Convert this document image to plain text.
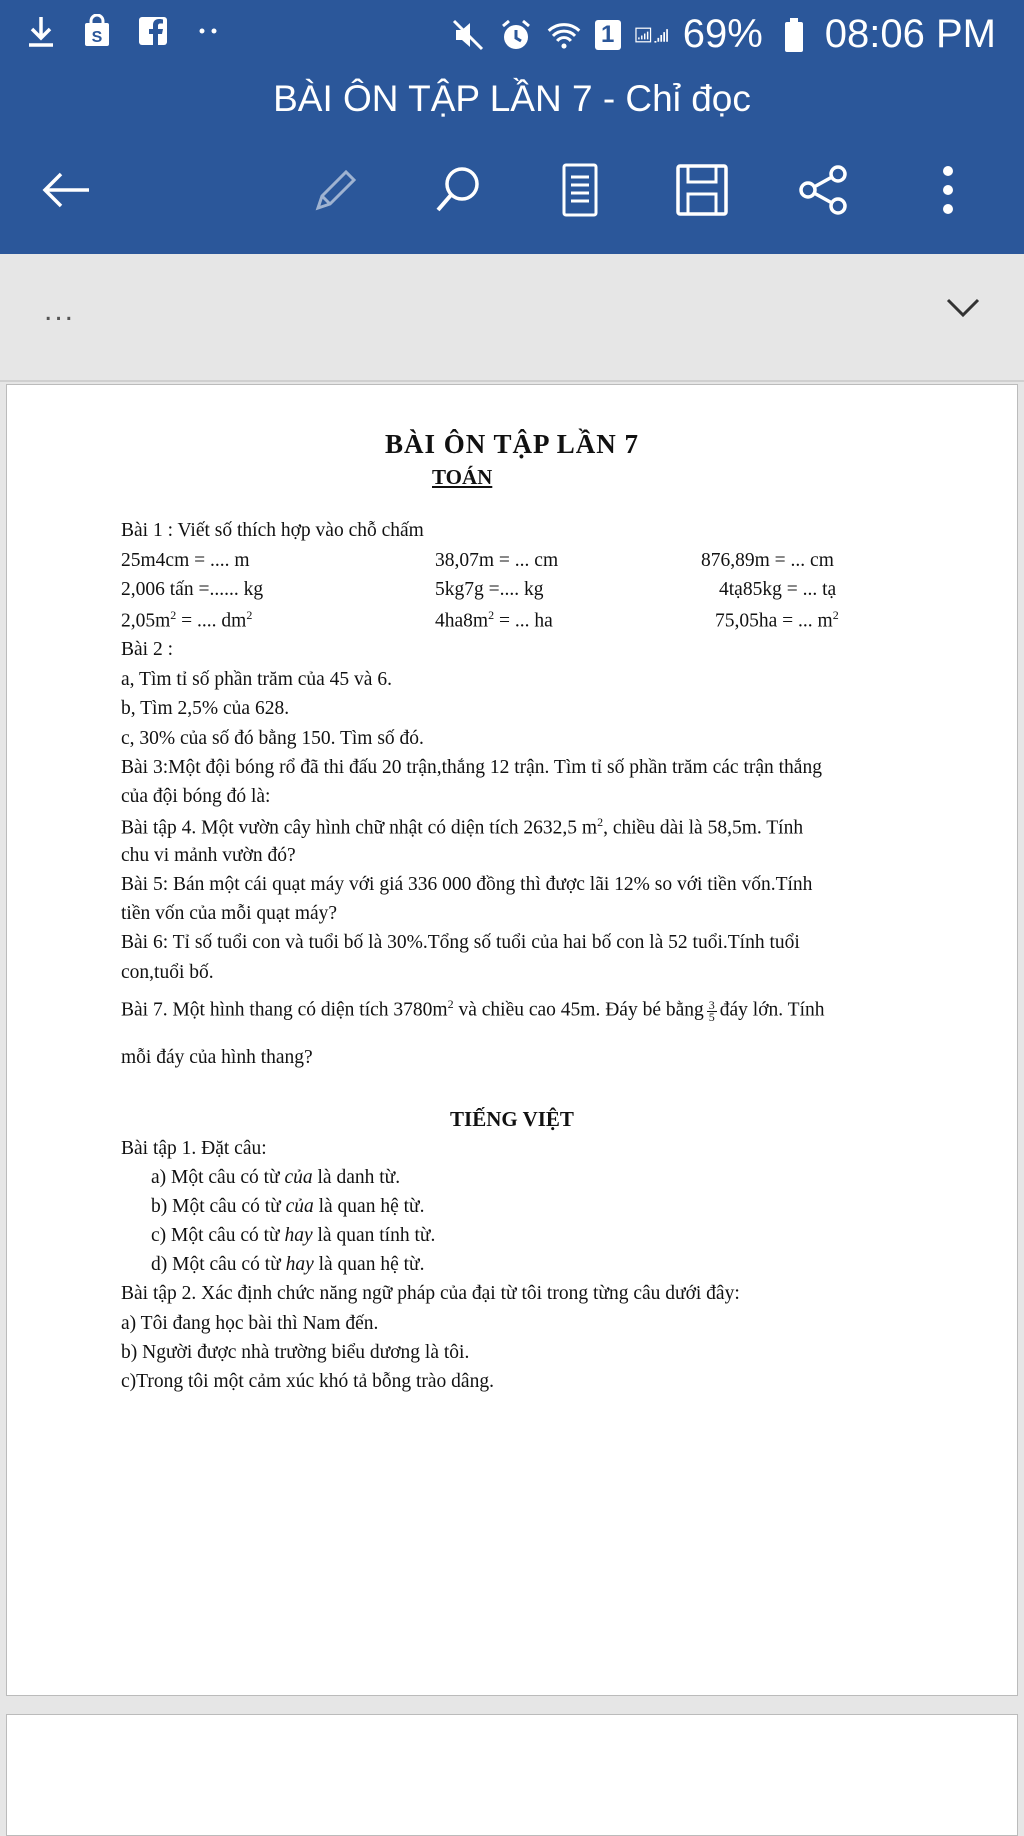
S	1 69% 08:06 PM
BÀI ÔN TẬP LẦN 7 - Chỉ đọc
...
BÀI ÔN TẬP LẦN 7
TOÁN
Bài 1 : Viết số thích hợp vào chỗ chấm
25m4cm = .... m	38,07m = ... cm	876,89m = ... cm
2,006 tấn =...... kg	5kg7g =.... kg	4tạ85kg = ... tạ
$2,05m^2$ = .... $dm^2$	$4ha8m^2$ = ... ha	75,05ha = ... $m^2$
Bài 2 :
a, Tìm tỉ số phần trăm của 45 và 6.
b, Tìm 2,5% của 628.
c, 30% của số đó bằng 150. Tìm số đó.
Bài 3:Một đội bóng rổ đã thi đấu 20 trận,thắng 12 trận. Tìm tỉ số phần trăm các trận thắng
của đội bóng đó là:
Bài tập 4. Một vườn cây hình chữ nhật có diện tích 2632,5 $m^2$, chiều dài là 58,5m. Tính
chu vi mảnh vườn đó?
Bài 5: Bán một cái quạt máy với giá 336 000 đồng thì được lãi 12% so với tiền vốn.Tính
tiền vốn của mỗi quạt máy?
Bài 6: Tỉ số tuổi con và tuổi bố là 30%.Tổng số tuổi của hai bố con là 52 tuổi.Tính tuổi
con,tuổi bố.
Bài 7. Một hình thang có diện tích $3780m^2$ và chiều cao 45m. Đáy bé bằng $\frac{3}{5}$ đáy lớn. Tính
mỗi đáy của hình thang?
TIẾNG VIỆT
Bài tập 1. Đặt câu:
a) Một câu có từ của là danh từ.
b) Một câu có từ của là quan hệ từ.
c) Một câu có từ hay là quan tính từ.
d) Một câu có từ hay là quan hệ từ.
Bài tập 2. Xác định chức năng ngữ pháp của đại từ tôi trong từng câu dưới đây:
a) Tôi đang học bài thì Nam đến.
b) Người được nhà trường biểu dương là tôi.
c)Trong tôi một cảm xúc khó tả bỗng trào dâng.
